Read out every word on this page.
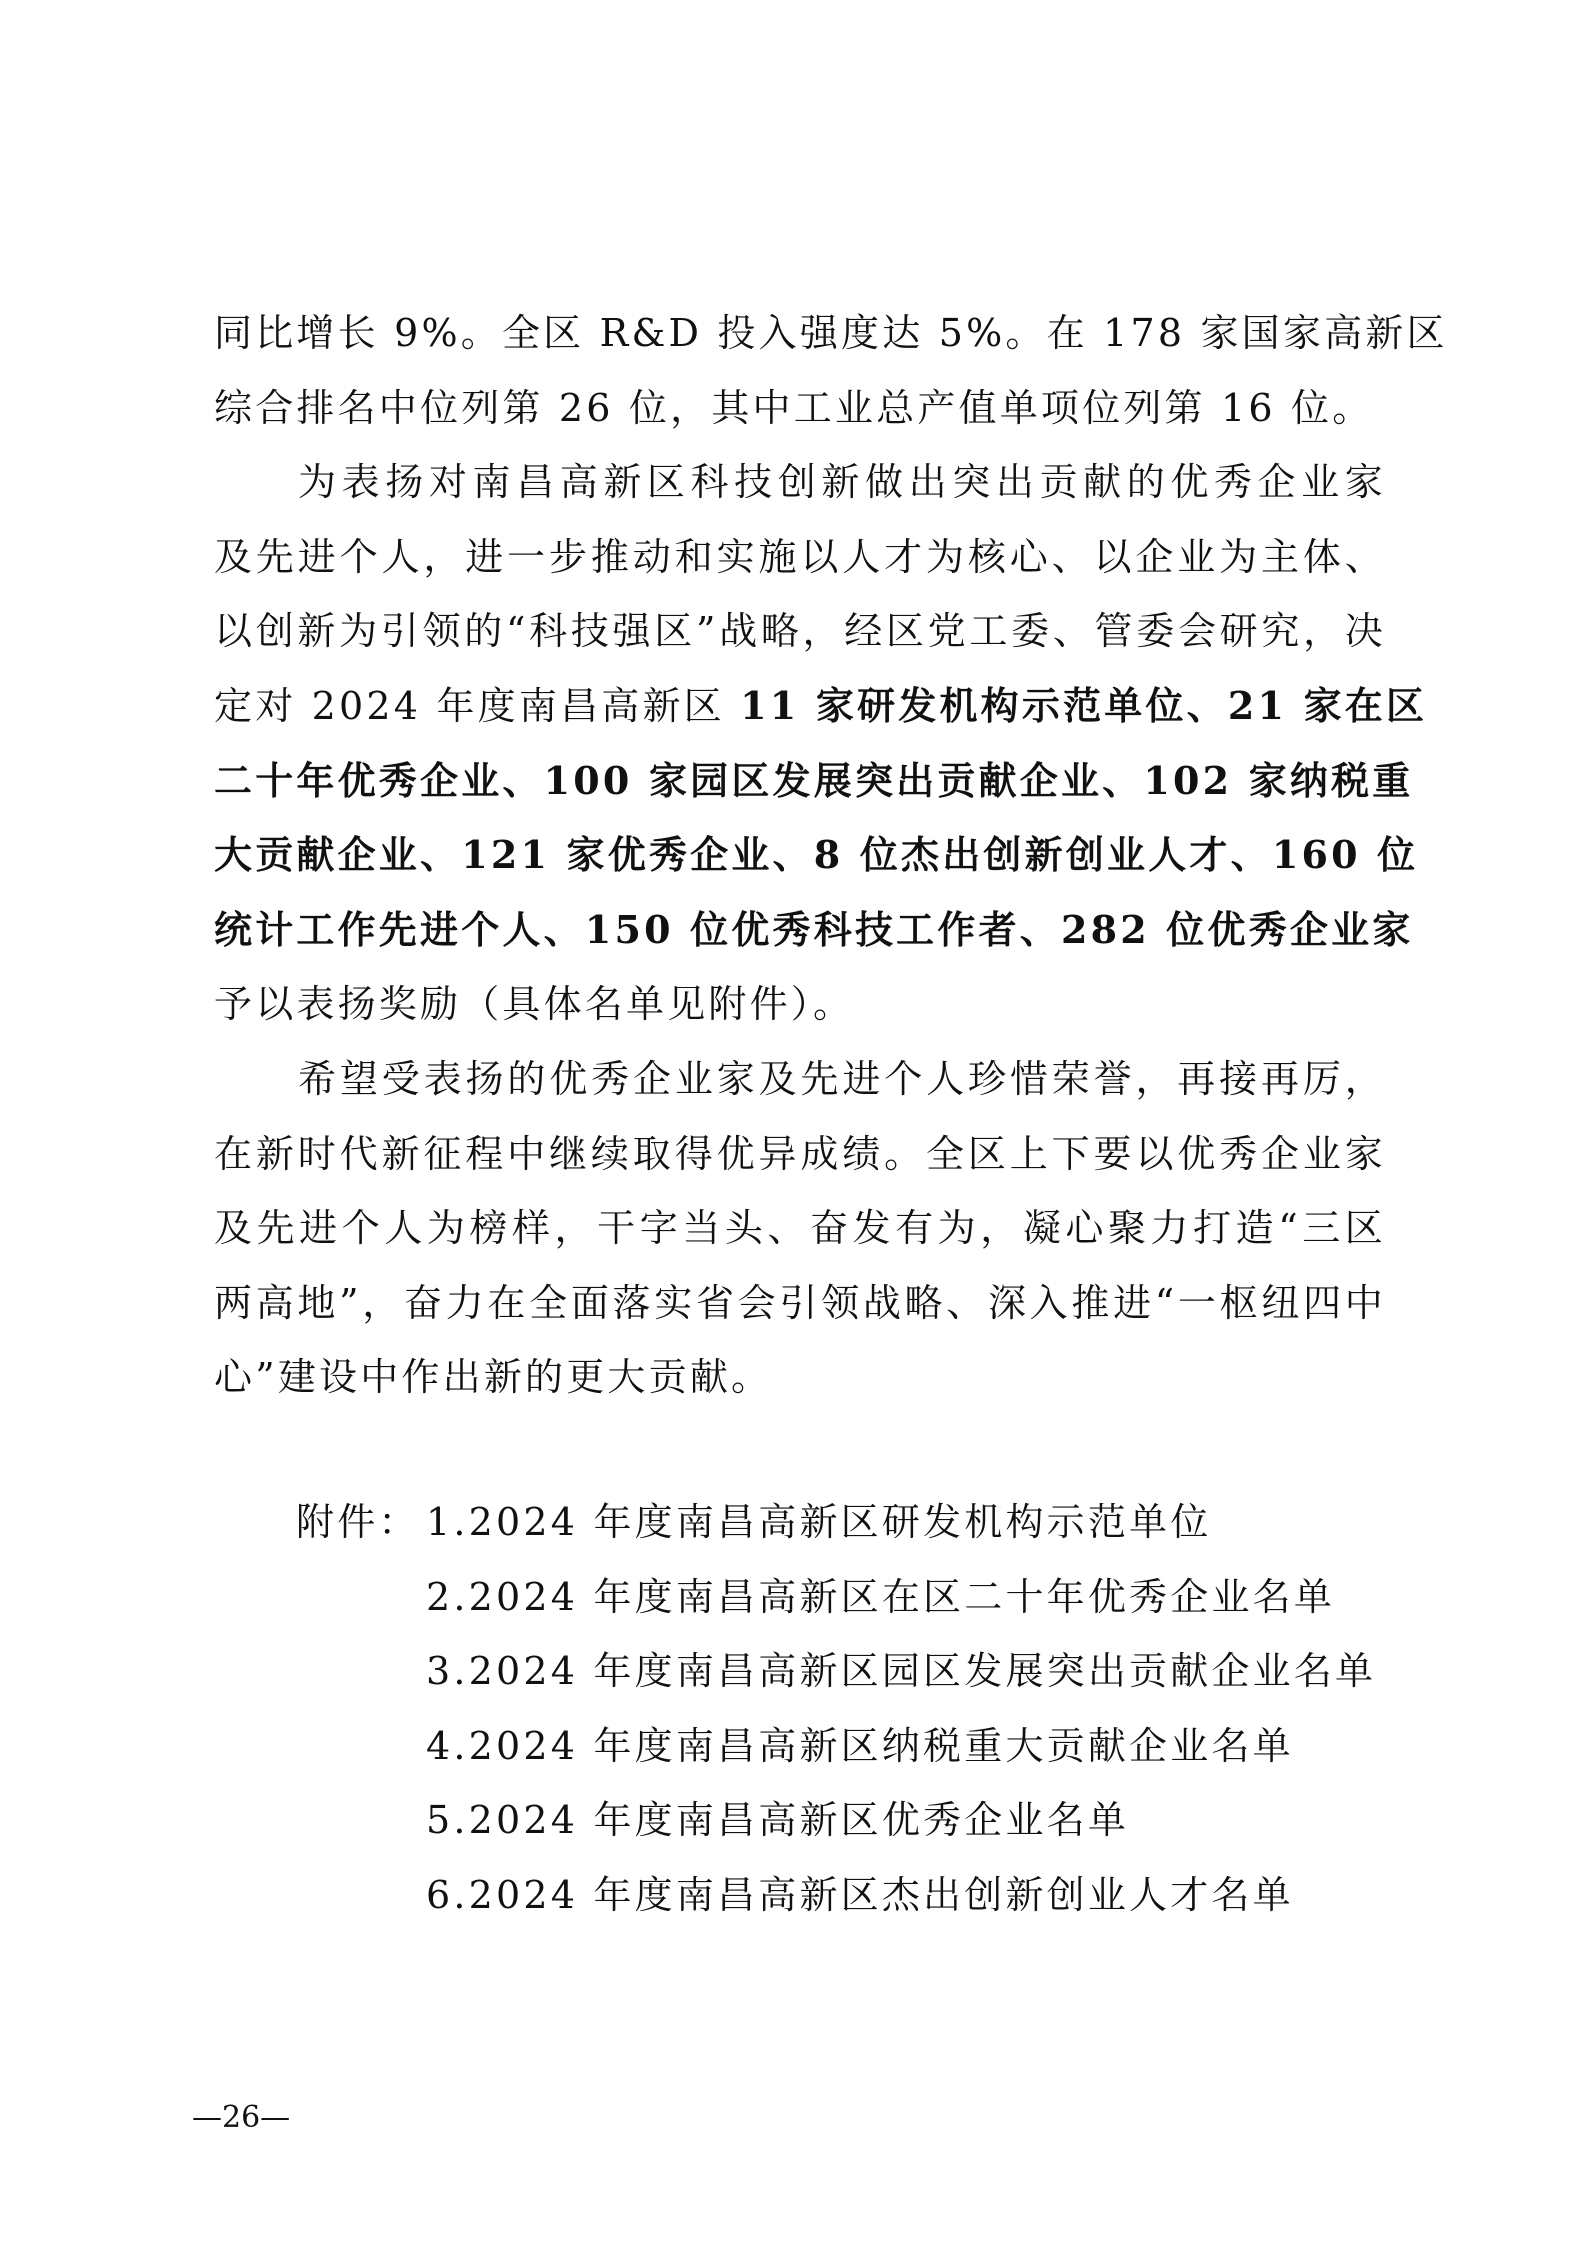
同比增长 9%。全区 R&D 投入强度达 5%。在 178 家国家高新区
综合排名中位列第 26 位，其中工业总产值单项位列第 16 位。

为表扬对南昌高新区科技创新做出突出贡献的优秀企业家
及先进个人，进一步推动和实施以人才为核心、以企业为主体、
以创新为引领的“科技强区”战略，经区党工委、管委会研究，决
定对 2024 年度南昌高新区 11 家研发机构示范单位、21 家在区
二十年优秀企业、100 家园区发展突出贡献企业、102 家纳税重
大贡献企业、121 家优秀企业、8 位杰出创新创业人才、160 位
统计工作先进个人、150 位优秀科技工作者、282 位优秀企业家
予以表扬奖励（具体名单见附件）。

希望受表扬的优秀企业家及先进个人珍惜荣誉，再接再厉，
在新时代新征程中继续取得优异成绩。全区上下要以优秀企业家
及先进个人为榜样，干字当头、奋发有为，凝心聚力打造“三区
两高地”，奋力在全面落实省会引领战略、深入推进“一枢纽四中
心”建设中作出新的更大贡献。

附件： 1.2024 年度南昌高新区研发机构示范单位
2.2024 年度南昌高新区在区二十年优秀企业名单
3.2024 年度南昌高新区园区发展突出贡献企业名单
4.2024 年度南昌高新区纳税重大贡献企业名单
5.2024 年度南昌高新区优秀企业名单
6.2024 年度南昌高新区杰出创新创业人才名单
—26—
